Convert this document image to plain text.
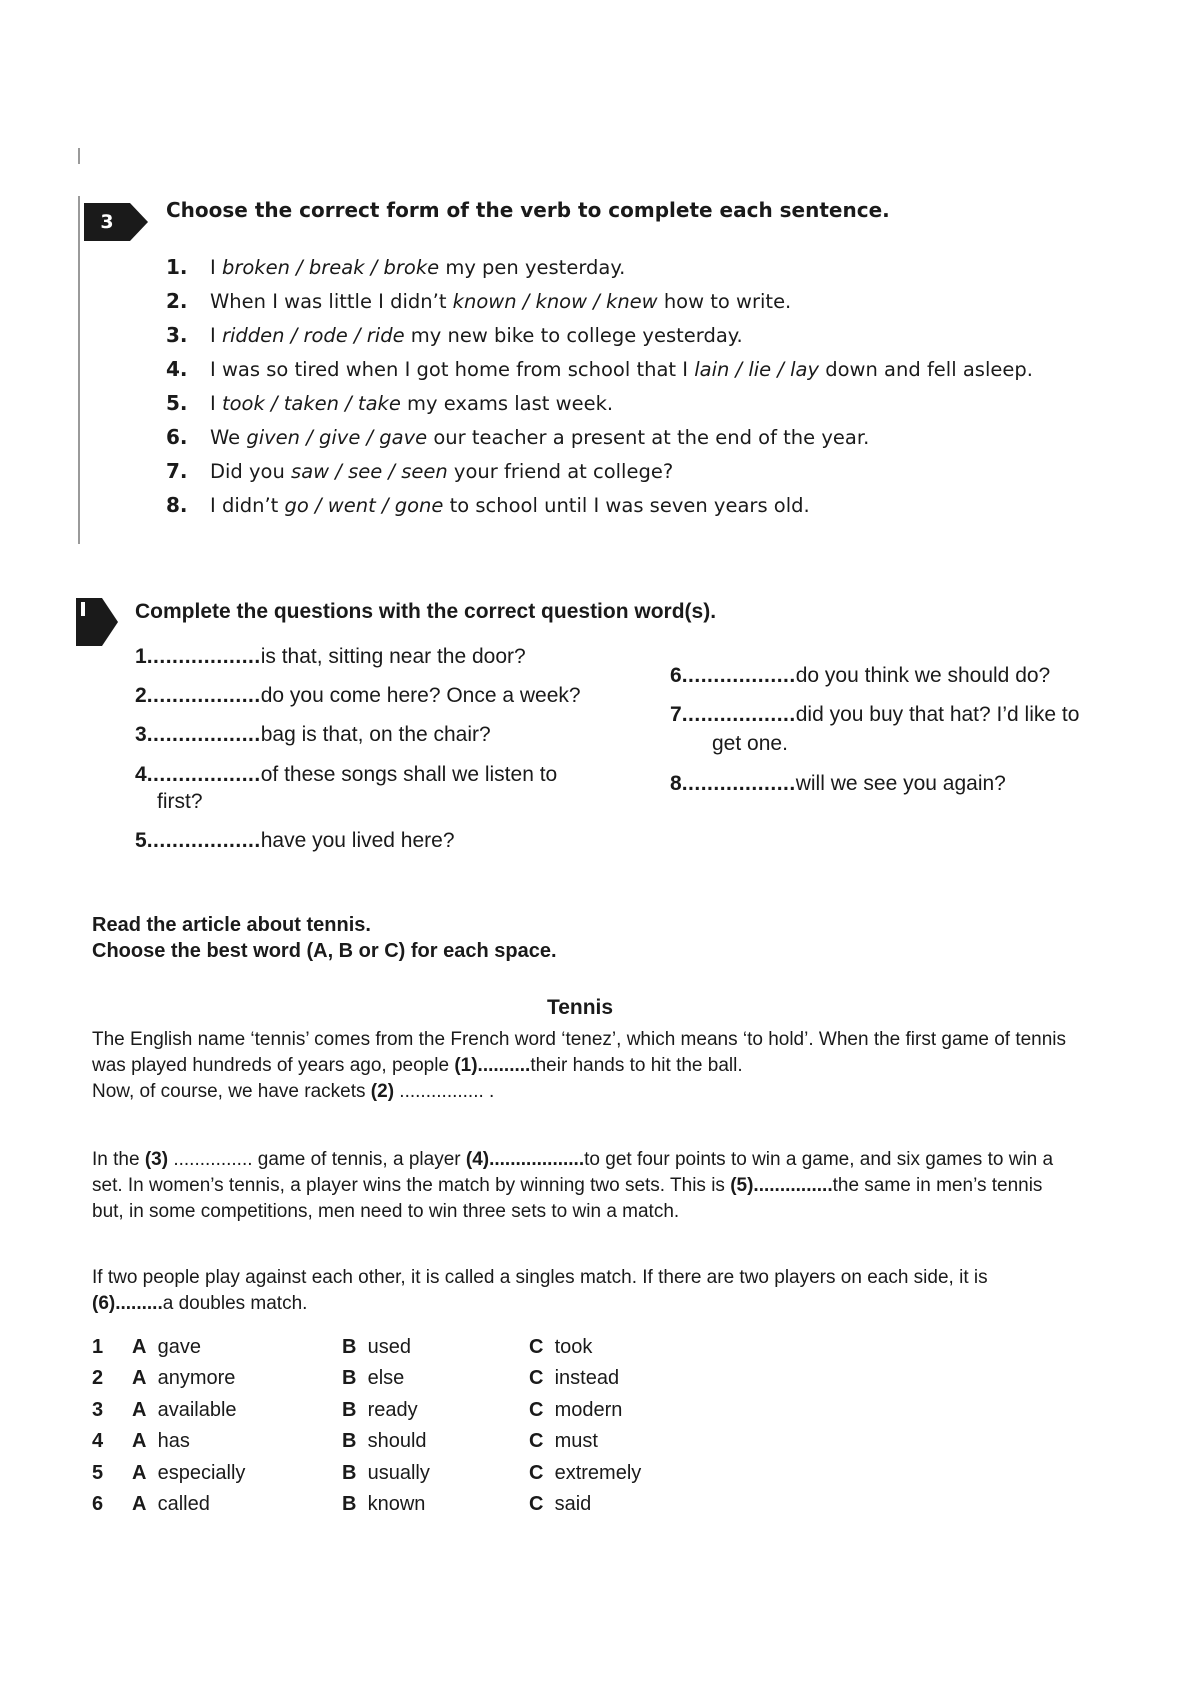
3	Choose the correct form of the verb to complete each sentence.
1. I broken / break / broke my pen yesterday.
2. When I was little I didn’t known / know / knew how to write.
3. I ridden / rode / ride my new bike to college yesterday.
4. I was so tired when I got home from school that I lain / lie / lay down and fell asleep.
5. I took / taken / take my exams last week.
6. We given / give / gave our teacher a present at the end of the year.
7. Did you saw / see / seen your friend at college?
8. I didn’t go / went / gone to school until I was seven years old.
Complete the questions with the correct question word(s).
1..................is that, sitting near the door?
2..................do you come here? Once a week?
3..................bag is that, on the chair?
4..................of these songs shall we listen to
first?
5..................have you lived here?
6..................do you think we should do?
7..................did you buy that hat? I’d like to
get one.
8..................will we see you again?
Read the article about tennis.
Choose the best word (A, B or C) for each space.
Tennis
The English name ‘tennis’ comes from the French word ‘tenez’, which means ‘to hold’. When the first game of tennis was played hundreds of years ago, people (1)..........their hands to hit the ball.
Now, of course, we have rackets (2) ................ .
In the (3) ............... game of tennis, a player (4)..................to get four points to win a game, and six games to win a set. In women’s tennis, a player wins the match by winning two sets. This is (5)...............the same in men’s tennis but, in some competitions, men need to win three sets to win a match.
If two people play against each other, it is called a singles match. If there are two players on each side, it is (6).........a doubles match.
1 A gave	B used	C took
2 A anymore	B else	C instead
3 A available	B ready	C modern
4 A has	B should	C must
5 A especially	B usually	C extremely
6 A called	B known	C said
